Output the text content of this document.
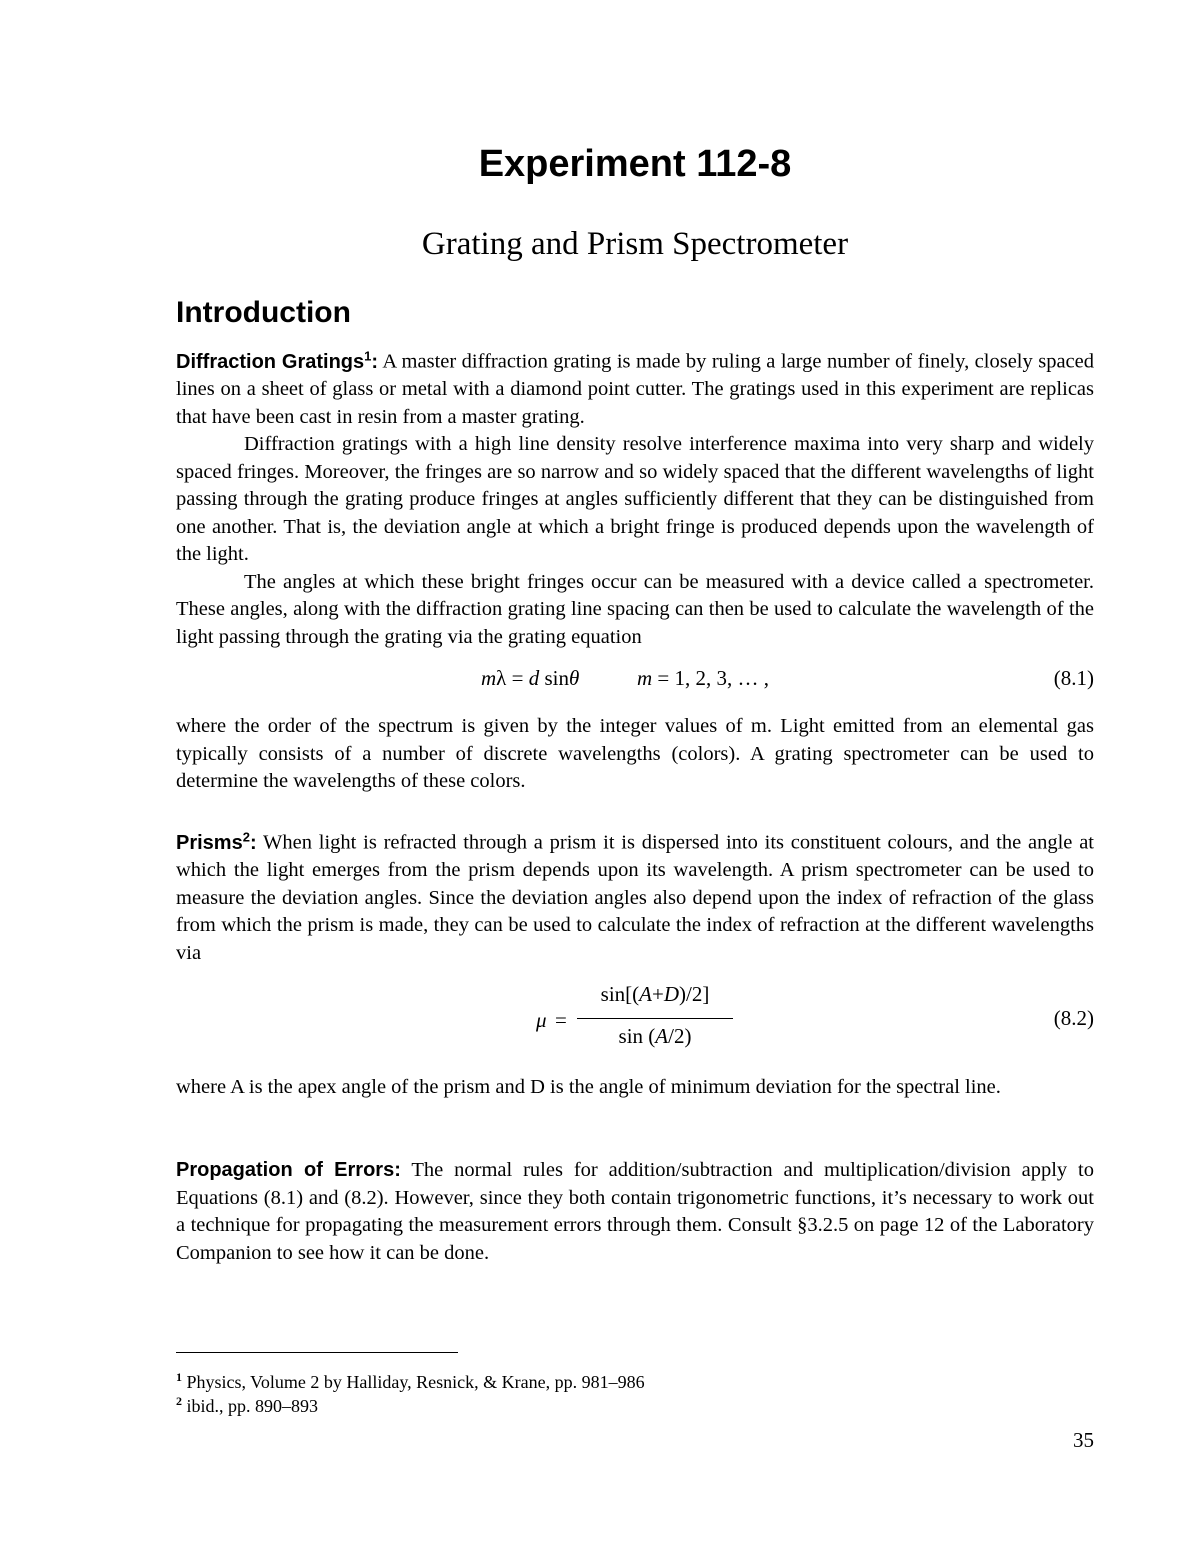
Experiment 112-8
Grating and Prism Spectrometer
Introduction

Diffraction Gratings$^1$: A master diffraction grating is made by ruling a large number of finely, closely spaced lines on a sheet of glass or metal with a diamond point cutter. The gratings used in this experiment are replicas that have been cast in resin from a master grating.

Diffraction gratings with a high line density resolve interference maxima into very sharp and widely spaced fringes. Moreover, the fringes are so narrow and so widely spaced that the different wavelengths of light passing through the grating produce fringes at angles sufficiently different that they can be distinguished from one another. That is, the deviation angle at which a bright fringe is produced depends upon the wavelength of the light.

The angles at which these bright fringes occur can be measured with a device called a spectrometer. These angles, along with the diffraction grating line spacing can then be used to calculate the wavelength of the light passing through the grating via the grating equation

mλ = d sinθ	m = 1, 2, 3, … ,	(8.1)

where the order of the spectrum is given by the integer values of m. Light emitted from an elemental gas typically consists of a number of discrete wavelengths (colors). A grating spectrometer can be used to determine the wavelengths of these colors.

Prisms$^2$: When light is refracted through a prism it is dispersed into its constituent colours, and the angle at which the light emerges from the prism depends upon its wavelength. A prism spectrometer can be used to measure the deviation angles. Since the deviation angles also depend upon the index of refraction of the glass from which the prism is made, they can be used to calculate the index of refraction at the different wavelengths via

μ =
sin[(A+D)/2]
sin (A/2)
(8.2)

where A is the apex angle of the prism and D is the angle of minimum deviation for the spectral line.

Propagation of Errors: The normal rules for addition/subtraction and multiplication/division apply to Equations (8.1) and (8.2). However, since they both contain trigonometric functions, it’s necessary to work out a technique for propagating the measurement errors through them. Consult §3.2.5 on page 12 of the Laboratory Companion to see how it can be done.

$^1$ Physics, Volume 2 by Halliday, Resnick, & Krane, pp. 981–986
$^2$ ibid., pp. 890–893
35
